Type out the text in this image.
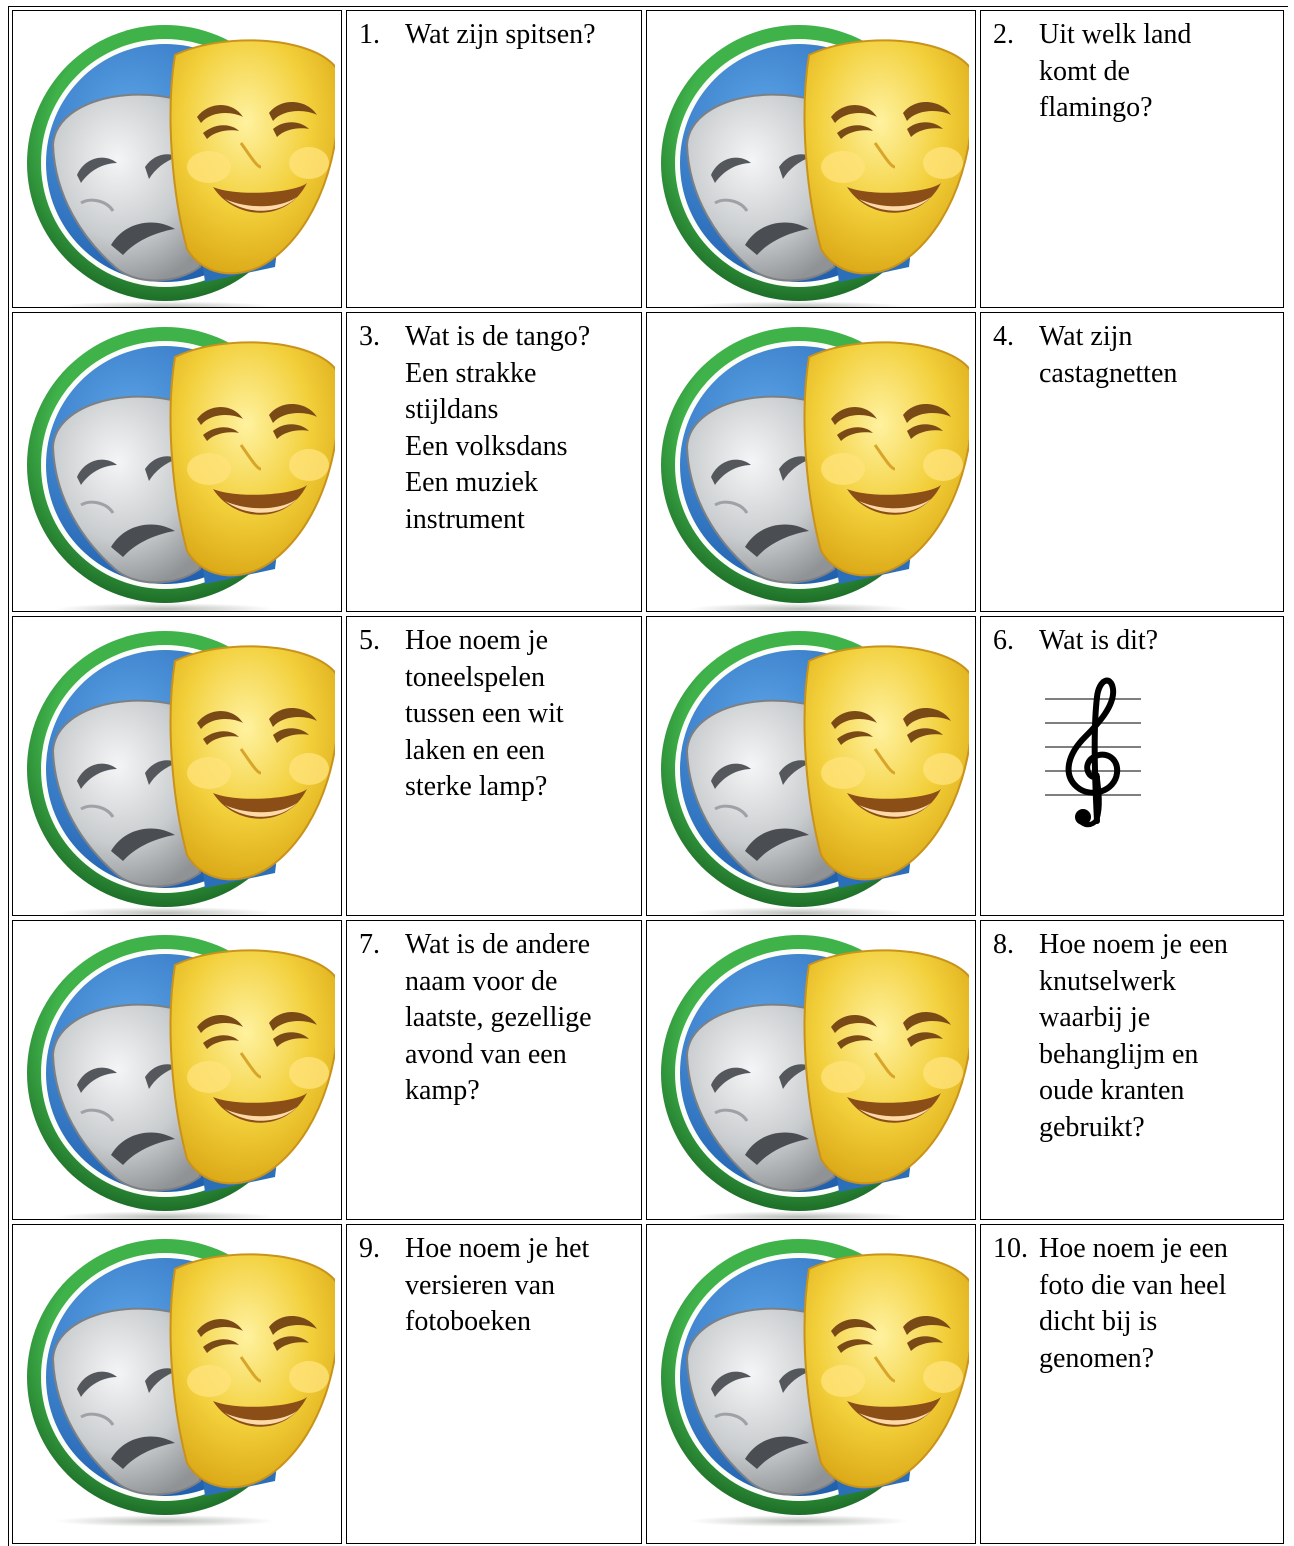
1. Wat zijn spitsen?	2. Uit welk land
komt de
flamingo?
3. Wat is de tango?
Een strakke
stijldans
Een volksdans
Een muziek
instrument
4. Wat zijn
castagnetten
5. Hoe noem je
toneelspelen
tussen een wit
laken en een
sterke lamp?
6. Wat is dit?
7. Wat is de andere
naam voor de
laatste, gezellige
avond van een
kamp?
8. Hoe noem je een
knutselwerk
waarbij je
behanglijm en
oude kranten
gebruikt?
9. Hoe noem je het
versieren van
fotoboeken
10. Hoe noem je een
foto die van heel
dicht bij is
genomen?
